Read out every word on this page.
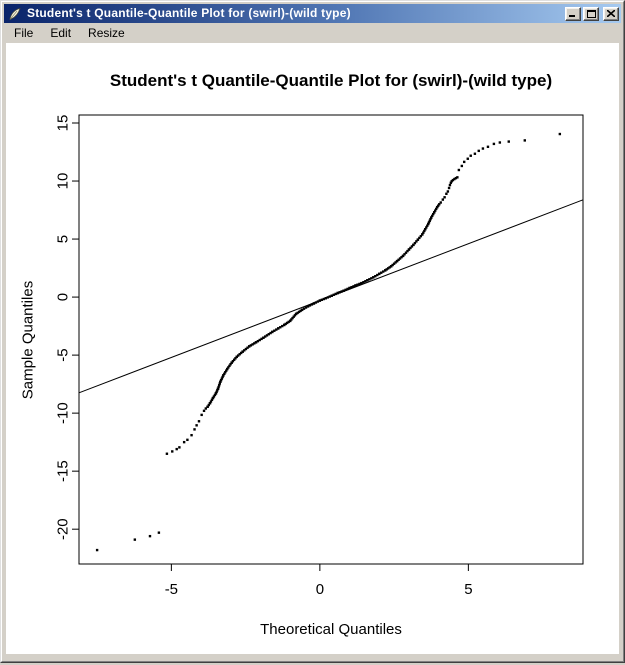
Student's t Quantile-Quantile Plot for (swirl)-(wild type)
File Edit Resize
Student's t Quantile-Quantile Plot for (swirl)-(wild type)
Sample Quantiles
Theoretical Quantiles
-5	0	5
15
10
5
0
-5
-10
-15
-20
